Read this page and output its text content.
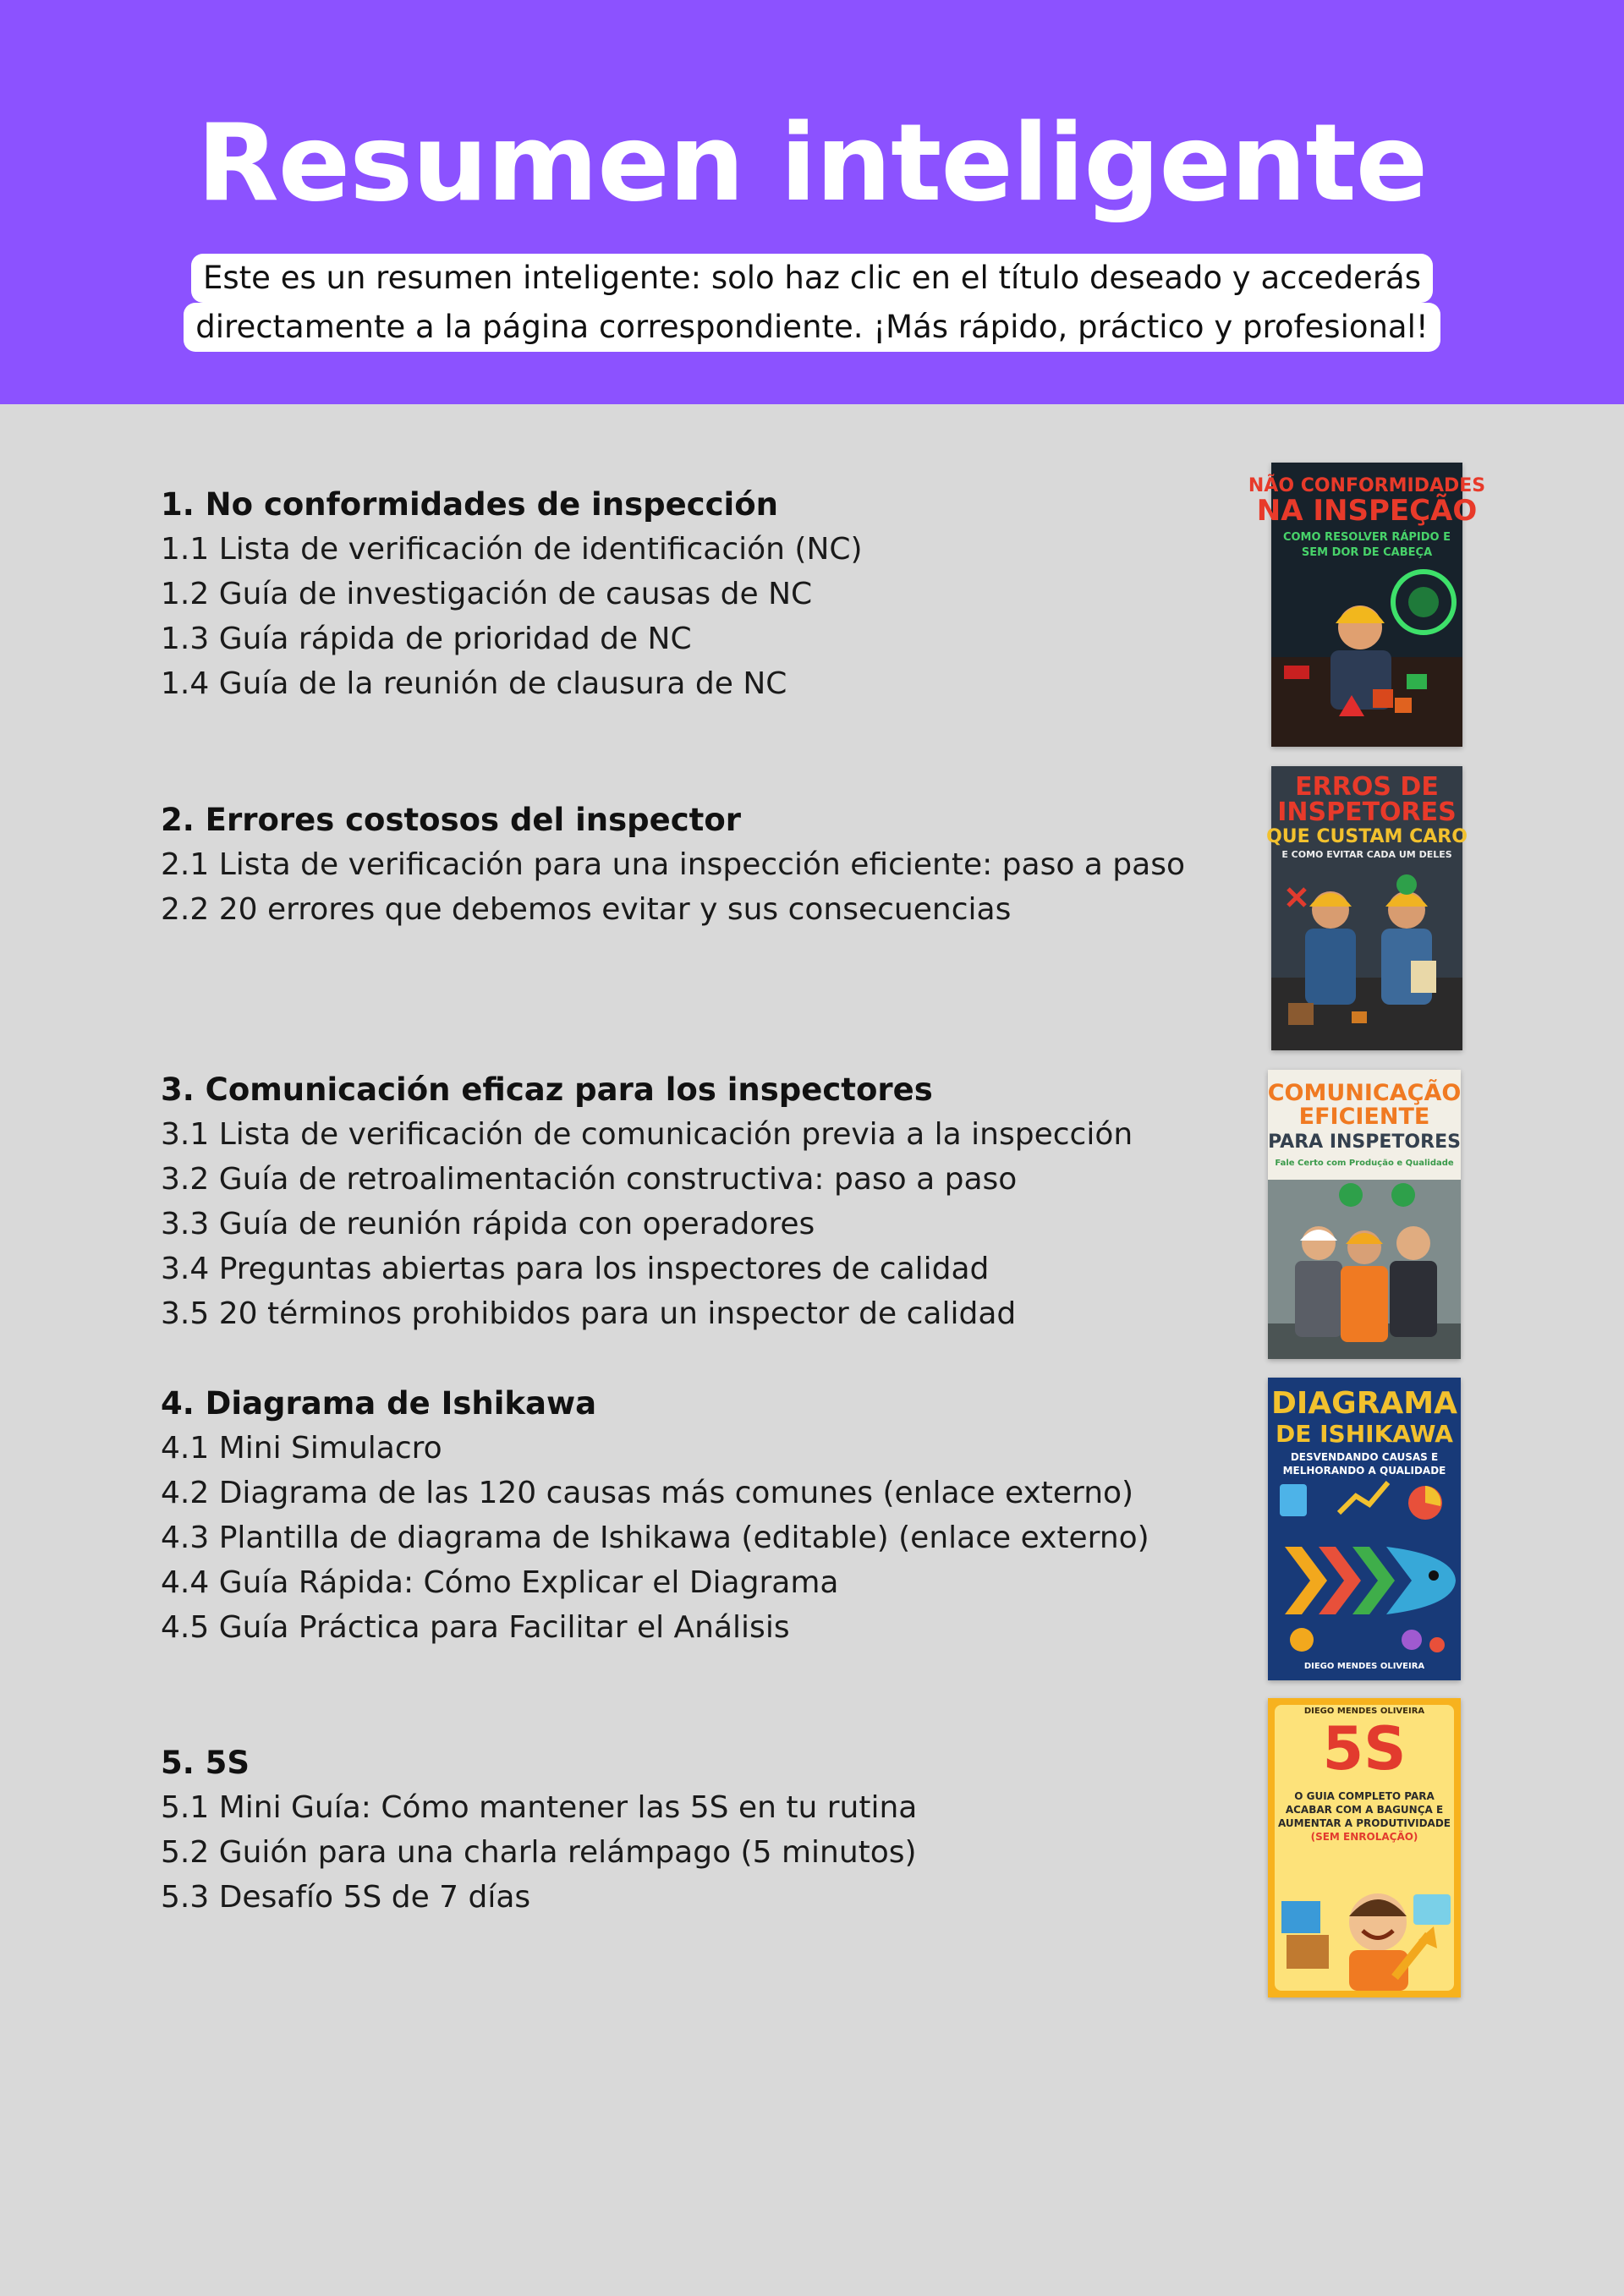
Resumen inteligente
Este es un resumen inteligente: solo haz clic en el título deseado y accederás
directamente a la página correspondiente. ¡Más rápido, práctico y profesional!
1. No conformidades de inspección
1.1 Lista de verificación de identificación (NC)
1.2 Guía de investigación de causas de NC
1.3 Guía rápida de prioridad de NC
1.4 Guía de la reunión de clausura de NC
2. Errores costosos del inspector
2.1 Lista de verificación para una inspección eficiente: paso a paso
2.2 20 errores que debemos evitar y sus consecuencias
3. Comunicación eficaz para los inspectores
3.1 Lista de verificación de comunicación previa a la inspección
3.2 Guía de retroalimentación constructiva: paso a paso
3.3 Guía de reunión rápida con operadores
3.4 Preguntas abiertas para los inspectores de calidad
3.5 20 términos prohibidos para un inspector de calidad
4. Diagrama de Ishikawa
4.1 Mini Simulacro
4.2 Diagrama de las 120 causas más comunes (enlace externo)
4.3 Plantilla de diagrama de Ishikawa (editable) (enlace externo)
4.4 Guía Rápida: Cómo Explicar el Diagrama
4.5 Guía Práctica para Facilitar el Análisis
5. 5S
5.1 Mini Guía: Cómo mantener las 5S en tu rutina
5.2 Guión para una charla relámpago (5 minutos)
5.3 Desafío 5S de 7 días
NÃO CONFORMIDADES
NA INSPEÇÃO
COMO RESOLVER RÁPIDO E
SEM DOR DE CABEÇA
ERROS DE
INSPETORES
QUE CUSTAM CARO
E COMO EVITAR CADA UM DELES
COMUNICAÇÃO
EFICIENTE
PARA INSPETORES
Fale Certo com Produção e Qualidade
DIAGRAMA
DE ISHIKAWA
DESVENDANDO CAUSAS E
MELHORANDO A QUALIDADE
DIEGO MENDES OLIVEIRA
DIEGO MENDES OLIVEIRA
5S
O GUIA COMPLETO PARA
ACABAR COM A BAGUNÇA E
AUMENTAR A PRODUTIVIDADE
(SEM ENROLAÇÃO)
